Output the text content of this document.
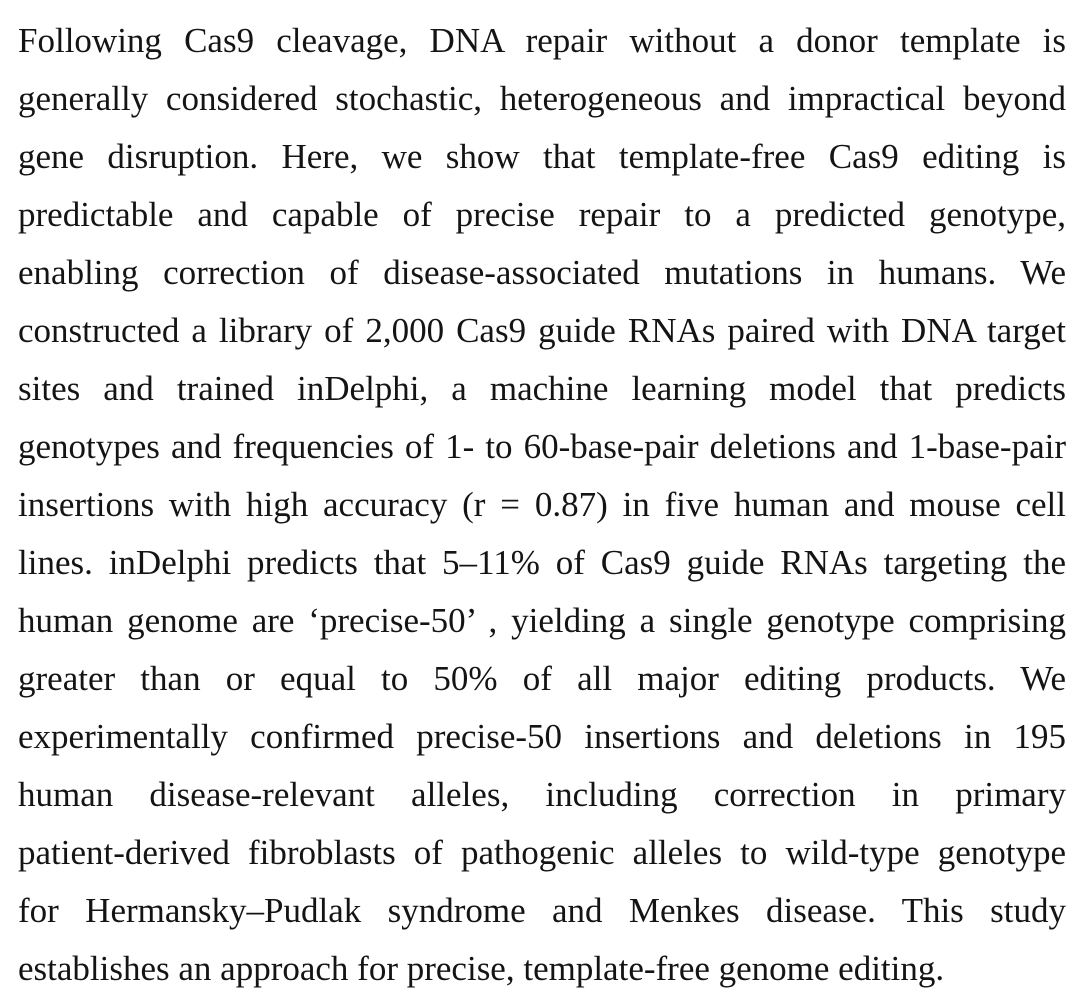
Following Cas9 cleavage, DNA repair without a donor template is
generally considered stochastic, heterogeneous and impractical beyond
gene disruption. Here, we show that template-free Cas9 editing is
predictable and capable of precise repair to a predicted genotype,
enabling correction of disease-associated mutations in humans. We
constructed a library of 2,000 Cas9 guide RNAs paired with DNA target
sites and trained inDelphi, a machine learning model that predicts
genotypes and frequencies of 1- to 60-base-pair deletions and 1-base-pair
insertions with high accuracy (r = 0.87) in five human and mouse cell
lines. inDelphi predicts that 5–11% of Cas9 guide RNAs targeting the
human genome are ‘precise-50’ , yielding a single genotype comprising
greater than or equal to 50% of all major editing products. We
experimentally confirmed precise-50 insertions and deletions in 195
human disease-relevant alleles, including correction in primary
patient-derived fibroblasts of pathogenic alleles to wild-type genotype
for Hermansky–Pudlak syndrome and Menkes disease. This study
establishes an approach for precise, template-free genome editing.
